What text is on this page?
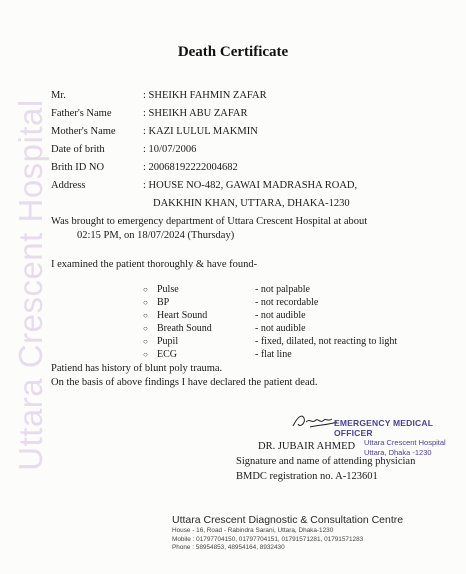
Uttara Crescent Hospital
Death Certificate
Mr.	: SHEIKH FAHMIN ZAFAR
Father's Name	: SHEIKH ABU ZAFAR
Mother's Name	: KAZI LULUL MAKMIN
Date of brith	: 10/07/2006
Brith ID NO	: 20068192222004682
Address	: HOUSE NO-482, GAWAI MADRASHA ROAD,
DAKKHIN KHAN, UTTARA, DHAKA-1230
Was brought to emergency department of Uttara Crescent Hospital at about
02:15 PM, on 18/07/2024 (Thursday)
I examined the patient thoroughly & have found-
○ Pulse	- not palpable
○ BP	- not recordable
○ Heart Sound	- not audible
○ Breath Sound	- not audible
○ Pupil	- fixed, dilated, not reacting to light
○ ECG	- flat line
Patiend has history of blunt poly trauma.
On the basis of above findings I have declared the patient dead.
EMERGENCY MEDICAL OFFICER
Uttara Crescent Hospital
Uttara, Dhaka -1230
DR. JUBAIR AHMED
Signature and name of attending physician
BMDC registration no. A-123601
Uttara Crescent Diagnostic & Consultation Centre
House - 16, Road - Rabindra Sarani, Uttara, Dhaka-1230
Mobile : 01797704150, 01797704151, 01791571281, 01791571283
Phone : 58954853, 48954164, 8932430
